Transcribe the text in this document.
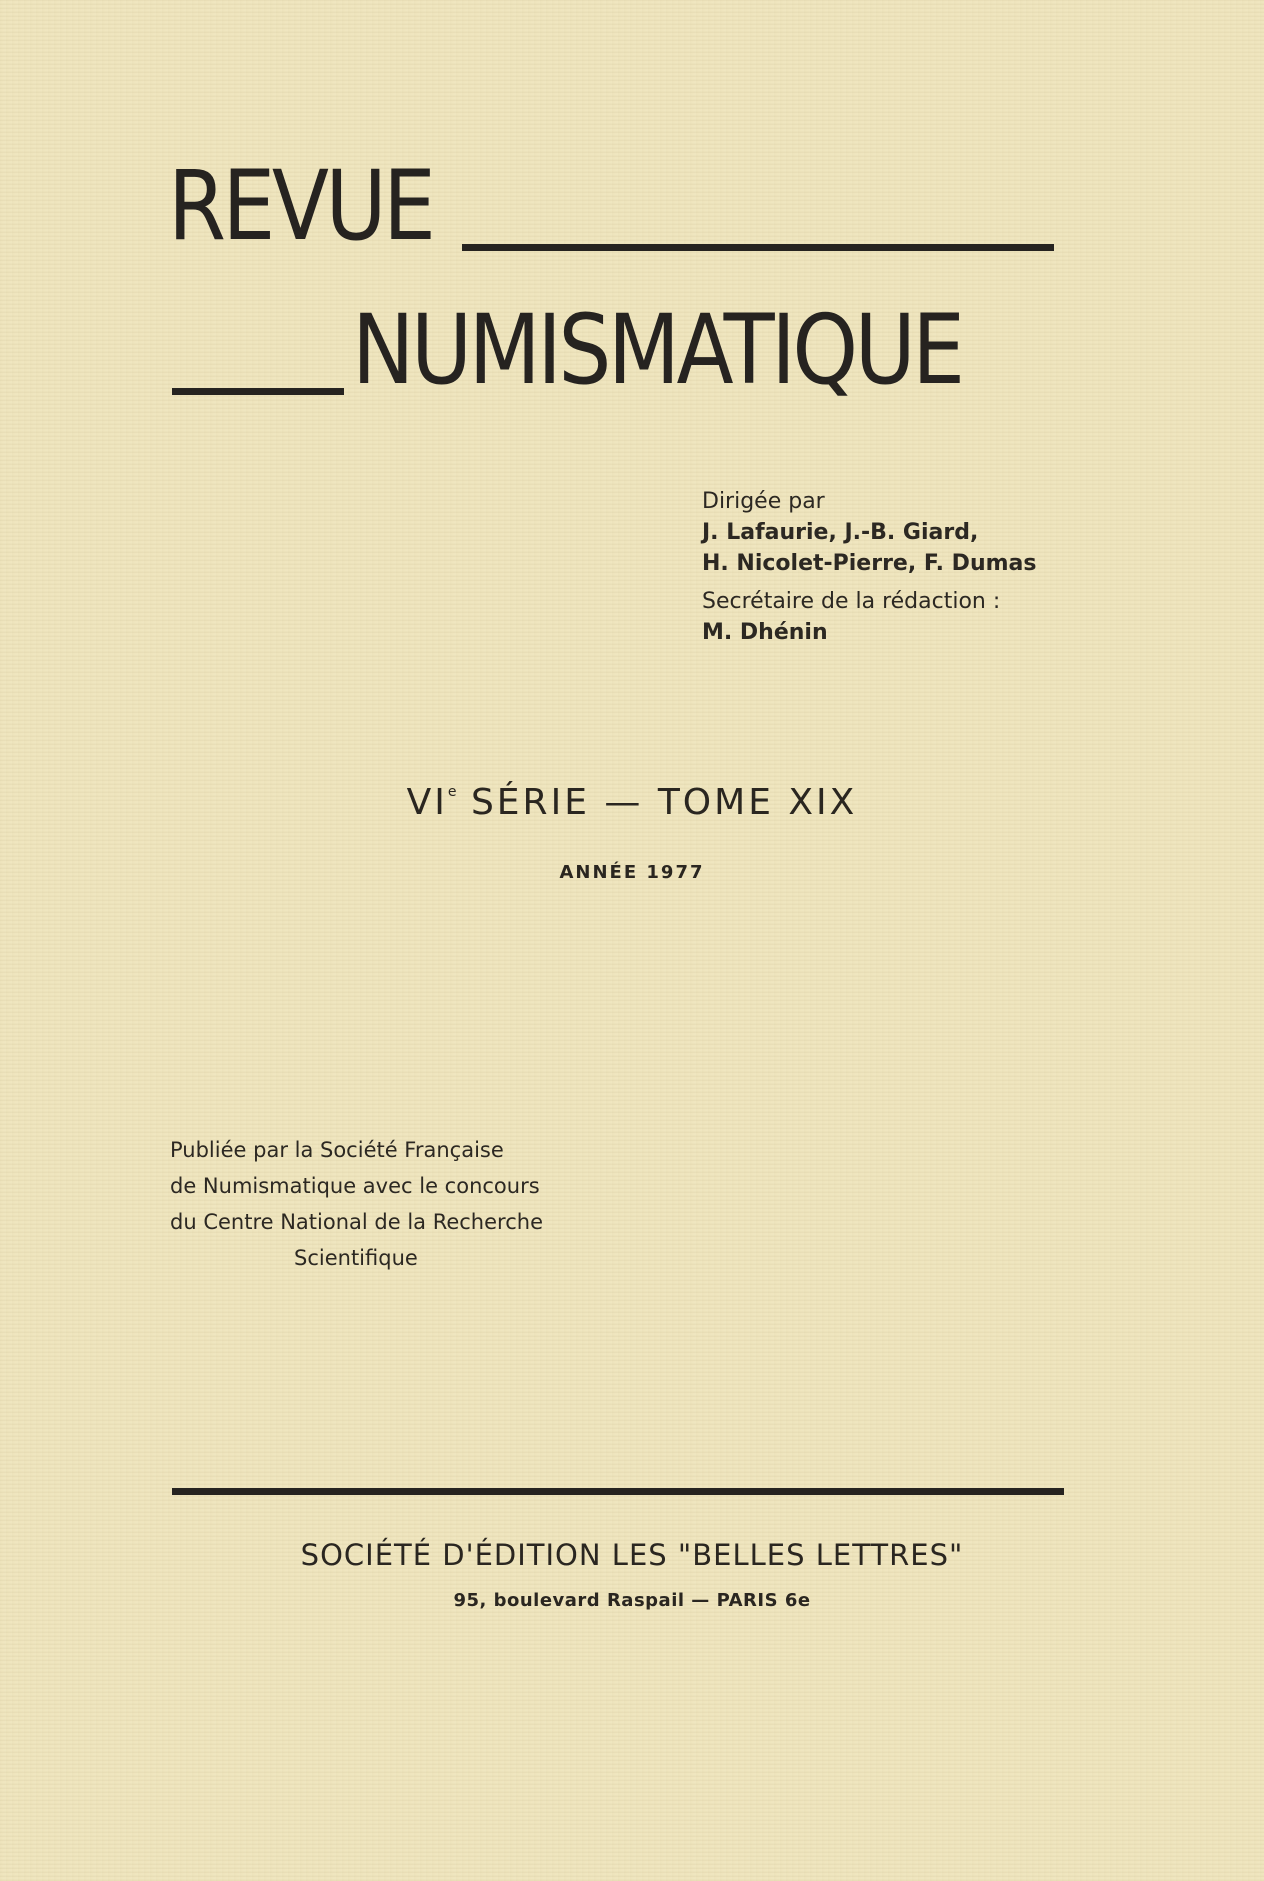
REVUE
NUMISMATIQUE
Dirigée par
J. Lafaurie, J.-B. Giard,
H. Nicolet-Pierre, F. Dumas
Secrétaire de la rédaction :
M. Dhénin
VIe SÉRIE — TOME XIX
ANNÉE 1977
Publiée par la Société Française
de Numismatique avec le concours
du Centre National de la Recherche
Scientifique
SOCIÉTÉ D'ÉDITION LES "BELLES LETTRES"
95, boulevard Raspail — PARIS 6e
